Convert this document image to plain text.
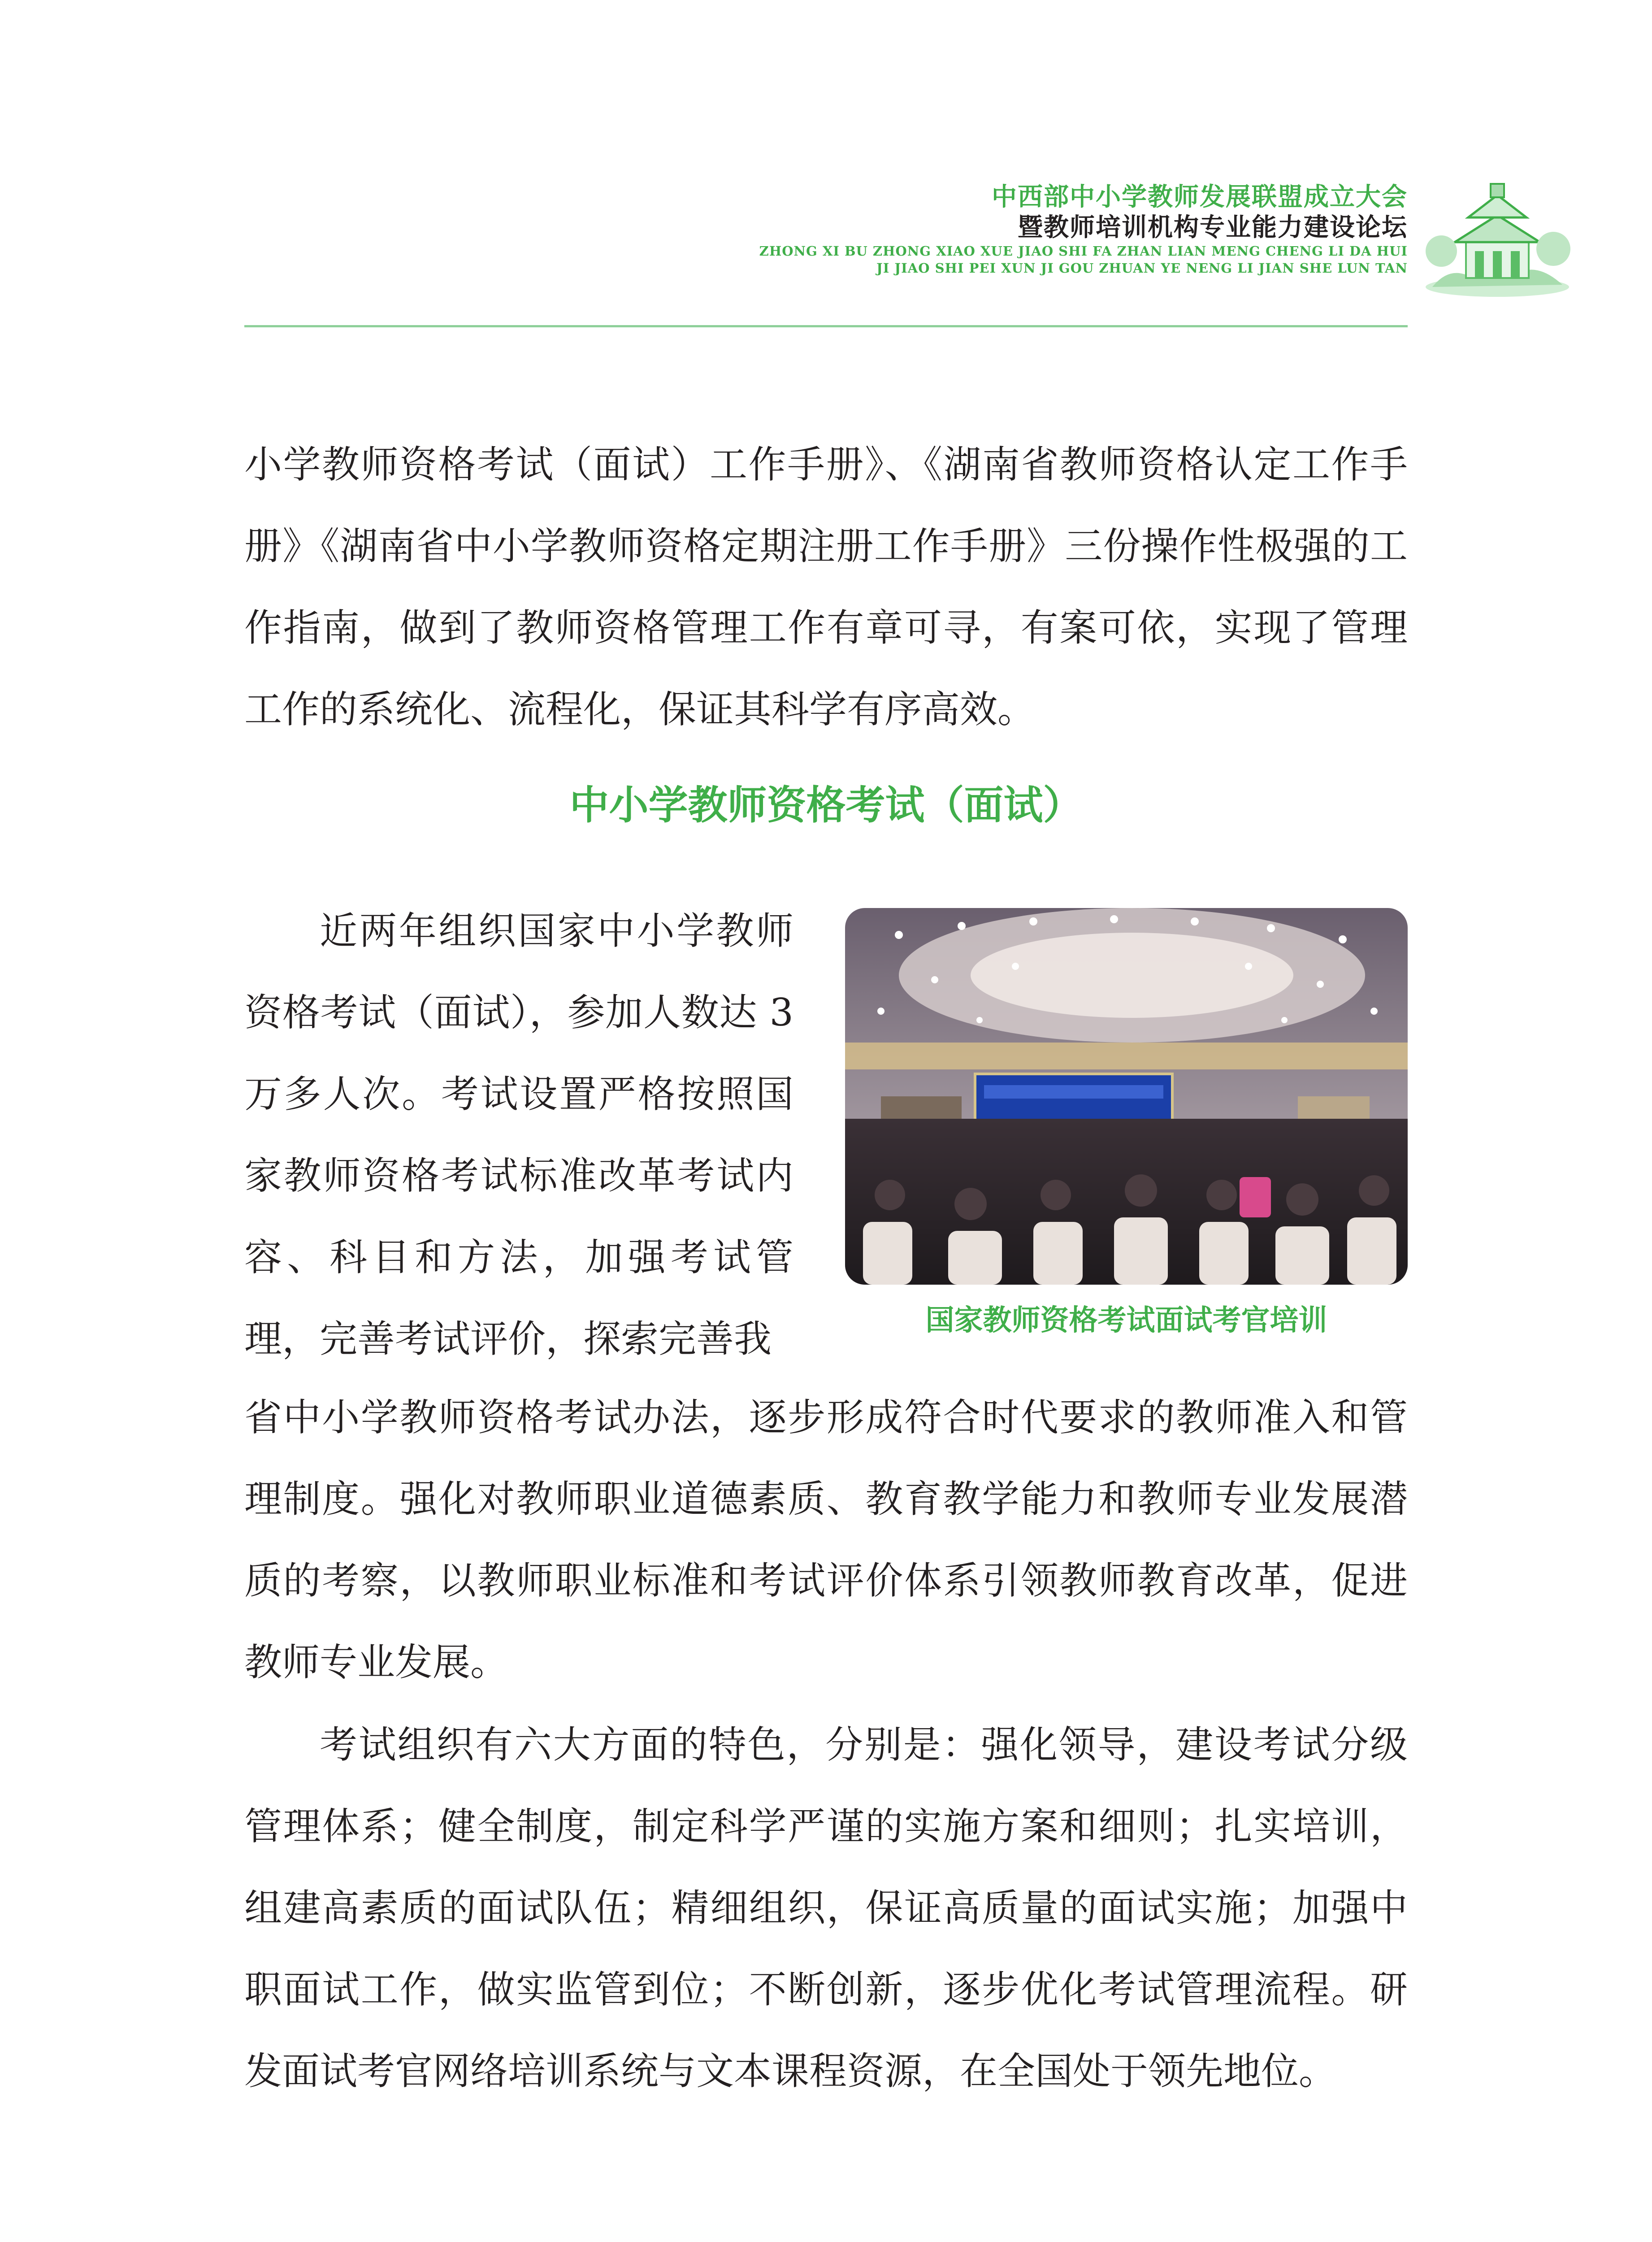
中西部中小学教师发展联盟成立大会
暨教师培训机构专业能力建设论坛
ZHONG XI BU ZHONG XIAO XUE JIAO SHI FA ZHAN LIAN MENG CHENG LI DA HUI
JI JIAO SHI PEI XUN JI GOU ZHUAN YE NENG LI JIAN SHE LUN TAN

小学教师资格考试（面试）工作手册》、《湖南省教师资格认定工作手册》《湖南省中小学教师资格定期注册工作手册》三份操作性极强的工作指南，做到了教师资格管理工作有章可寻，有案可依，实现了管理工作的系统化、流程化，保证其科学有序高效。

中小学教师资格考试（面试）

近两年组织国家中小学教师资格考试（面试），参加人数达 3 万多人次。考试设置严格按照国家教师资格考试标准改革考试内容、科目和方法，加强考试管理，完善考试评价，探索完善我	国家教师资格考试面试考官培训

省中小学教师资格考试办法，逐步形成符合时代要求的教师准入和管理制度。强化对教师职业道德素质、教育教学能力和教师专业发展潜质的考察，以教师职业标准和考试评价体系引领教师教育改革，促进教师专业发展。

考试组织有六大方面的特色，分别是：强化领导，建设考试分级管理体系；健全制度，制定科学严谨的实施方案和细则；扎实培训，组建高素质的面试队伍；精细组织，保证高质量的面试实施；加强中职面试工作，做实监管到位；不断创新，逐步优化考试管理流程。研发面试考官网络培训系统与文本课程资源，在全国处于领先地位。
